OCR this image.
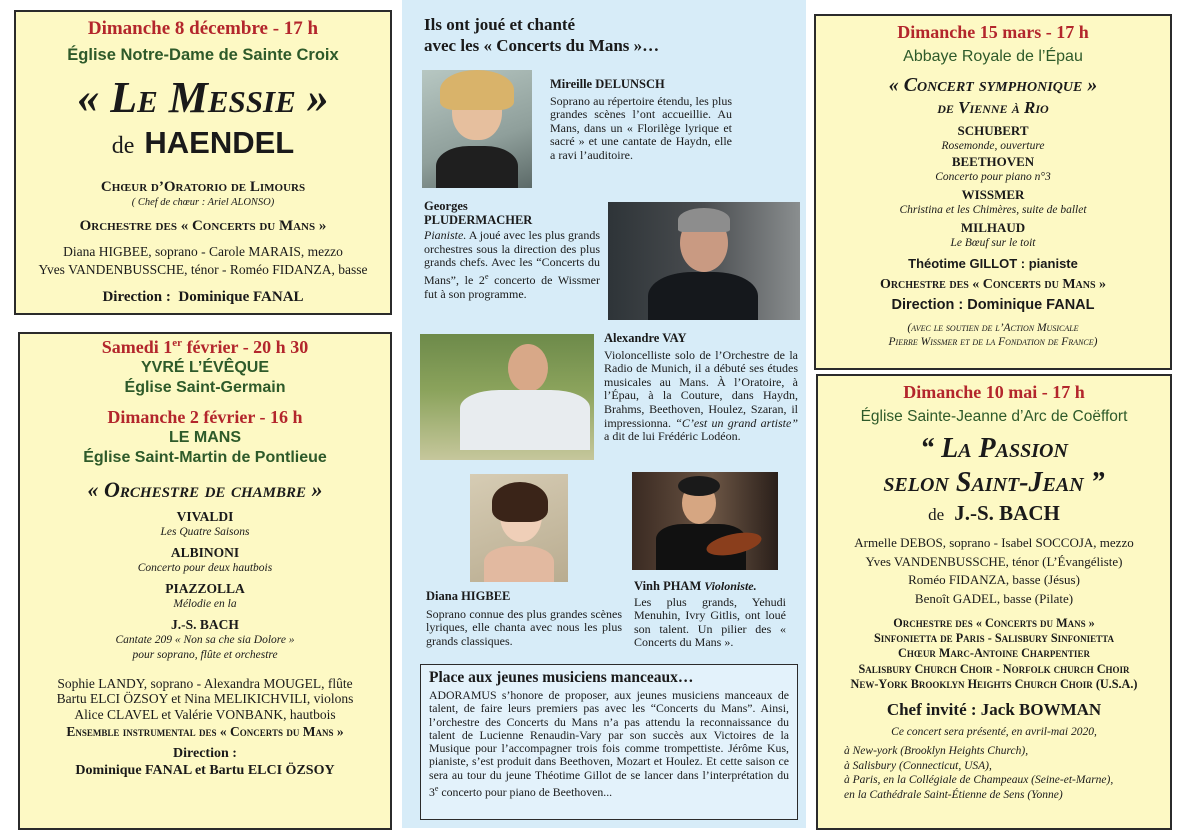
Dimanche 8 décembre - 17 h
Église Notre-Dame de Sainte Croix
« Le Messie »
de HAENDEL
Chœur d’Oratorio de Limours
( Chef de chœur : Ariel ALONSO)
Orchestre des « Concerts du Mans »
Diana HIGBEE, soprano - Carole MARAIS, mezzo
Yves VANDENBUSSCHE, ténor - Roméo FIDANZA, basse
Direction :  Dominique FANAL
Samedi 1er février - 20 h 30
YVRÉ L’ÉVÊQUE
Église Saint-Germain
Dimanche 2 février - 16 h
LE MANS
Église Saint-Martin de Pontlieue
« Orchestre de chambre »
VIVALDI
Les Quatre Saisons
ALBINONI
Concerto pour deux hautbois
PIAZZOLLA
Mélodie en la
J.-S. BACH
Cantate 209 « Non sa che sia Dolore »
pour soprano, flûte et orchestre
Sophie LANDY, soprano - Alexandra MOUGEL, flûte
Bartu ELCI ÖZSOY et Nina MELIKICHVILI, violons
Alice CLAVEL et Valérie VONBANK, hautbois
Ensemble instrumental des « Concerts du Mans »
Direction :
Dominique FANAL et Bartu ELCI ÖZSOY
Ils ont joué et chanté
avec les « Concerts du Mans »…
Mireille DELUNSCH
Soprano au répertoire étendu, les plus grandes scènes l’ont accueillie. Au Mans, dans un « Florilège lyrique et sacré » et une cantate de Haydn, elle a ravi l’auditoire.
Georges
PLUDERMACHER
Pianiste. A joué avec les plus grands orchestres sous la direction des plus grands chefs. Avec les “Concerts du Mans”, le 2e concerto de Wissmer fut à son programme.
Alexandre VAY
Violoncelliste solo de l’Orchestre de la Radio de Munich, il a débuté ses études musicales au Mans. À l’Oratoire, à l’Épau, à la Couture, dans Haydn, Brahms, Beethoven, Houlez, Szaran, il impressionna. “C’est un grand artiste” a dit de lui Frédéric Lodéon.
Diana HIGBEE
Soprano connue des plus grandes scènes lyriques, elle chanta avec nous les plus grands classiques.
Vinh PHAM Violoniste.
Les plus grands, Yehudi Menuhin, Ivry Gitlis, ont loué son talent. Un pilier des « Concerts du Mans ».
Place aux jeunes musiciens manceaux…
ADORAMUS s’honore de proposer, aux jeunes musiciens manceaux de talent, de faire leurs premiers pas avec les “Concerts du Mans”. Ainsi, l’orchestre des Concerts du Mans n’a pas attendu la reconnaissance du talent de Lucienne Renaudin-Vary par son succès aux Victoires de la Musique pour l’accompagner trois fois comme trompettiste. Jérôme Kus, pianiste, s’est produit dans Beethoven, Mozart et Houlez. Et cette saison ce sera au tour du jeune Théotime Gillot de se lancer dans l’interprétation du 3e concerto pour piano de Beethoven...
Dimanche 15 mars - 17 h
Abbaye Royale de l’Épau
« Concert symphonique »
de Vienne à Rio
SCHUBERT
Rosemonde, ouverture
BEETHOVEN
Concerto pour piano n°3
WISSMER
Christina et les Chimères, suite de ballet
MILHAUD
Le Bœuf sur le toit
Théotime GILLOT : pianiste
Orchestre des « Concerts du Mans »
Direction : Dominique FANAL
(avec le soutien de l’Action Musicale
Pierre Wissmer et de la Fondation de France)
Dimanche 10 mai - 17 h
Église Sainte-Jeanne d’Arc de Coëffort
“ La Passion
selon Saint-Jean ”
de J.-S. BACH
Armelle DEBOS, soprano - Isabel SOCCOJA, mezzo
Yves VANDENBUSSCHE, ténor (L’Évangéliste)
Roméo FIDANZA, basse (Jésus)
Benoît GADEL, basse (Pilate)
Orchestre des « Concerts du Mans »
Sinfonietta de Paris - Salisbury Sinfonietta
Chœur Marc-Antoine Charpentier
Salisbury Church Choir - Norfolk church Choir
New-York Brooklyn Heights Church Choir (U.S.A.)
Chef invité : Jack BOWMAN
Ce concert sera présenté, en avril-mai 2020,
à New-york (Brooklyn Heights Church),
à Salisbury (Connecticut, USA),
à Paris, en la Collégiale de Champeaux (Seine-et-Marne),
en la Cathédrale Saint-Étienne de Sens (Yonne)
